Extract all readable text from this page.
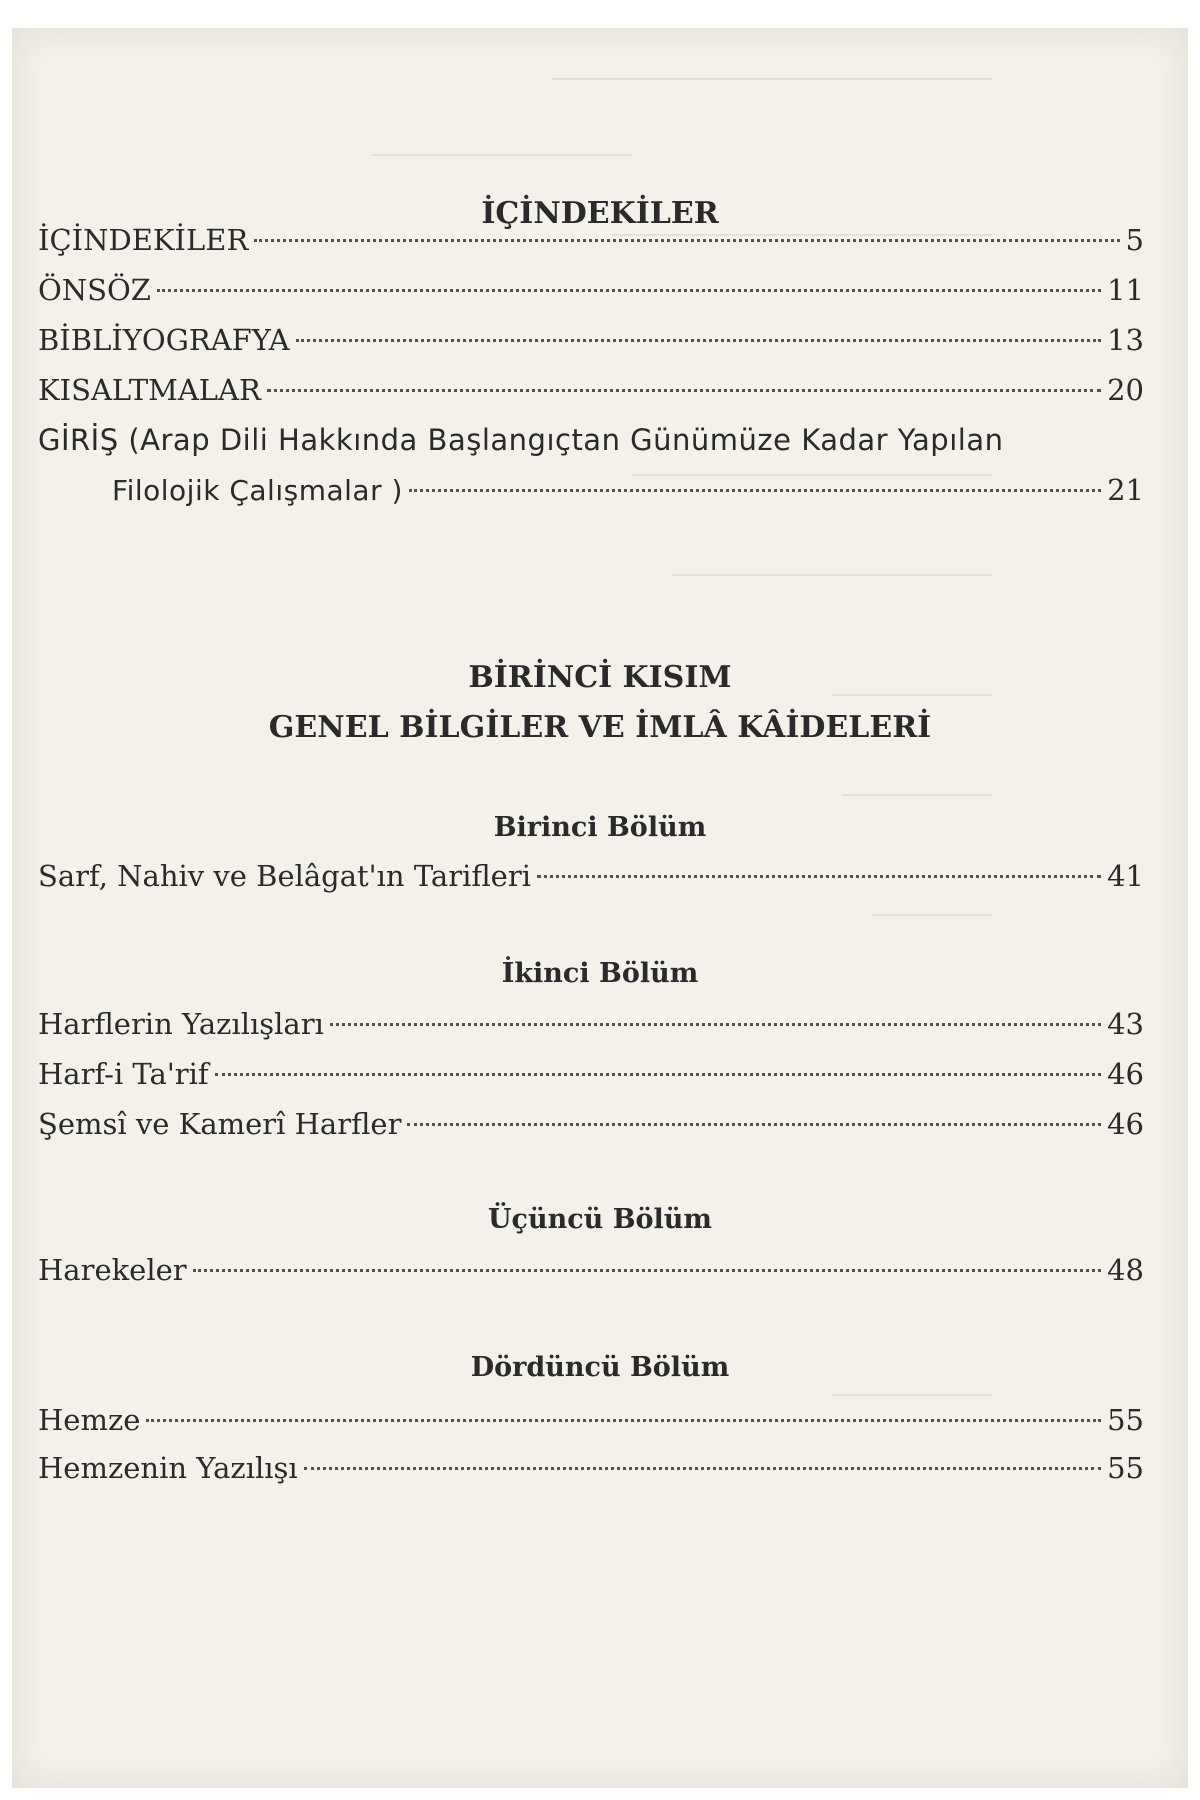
İÇİNDEKİLER
İÇİNDEKİLER	5
ÖNSÖZ	11
BİBLİYOGRAFYA	13
KISALTMALAR	20
GİRİŞ (Arap Dili Hakkında Başlangıçtan Günümüze Kadar Yapılan
Filolojik Çalışmalar )	21
BİRİNCİ KISIM
GENEL BİLGİLER VE İMLÂ KÂİDELERİ
Birinci Bölüm
Sarf, Nahiv ve Belâgat'ın Tarifleri	41
İkinci Bölüm
Harflerin Yazılışları	43
Harf-i Ta'rif	46
Şemsî ve Kamerî Harfler	46
Üçüncü Bölüm
Harekeler	48
Dördüncü Bölüm
Hemze	55
Hemzenin Yazılışı	55
